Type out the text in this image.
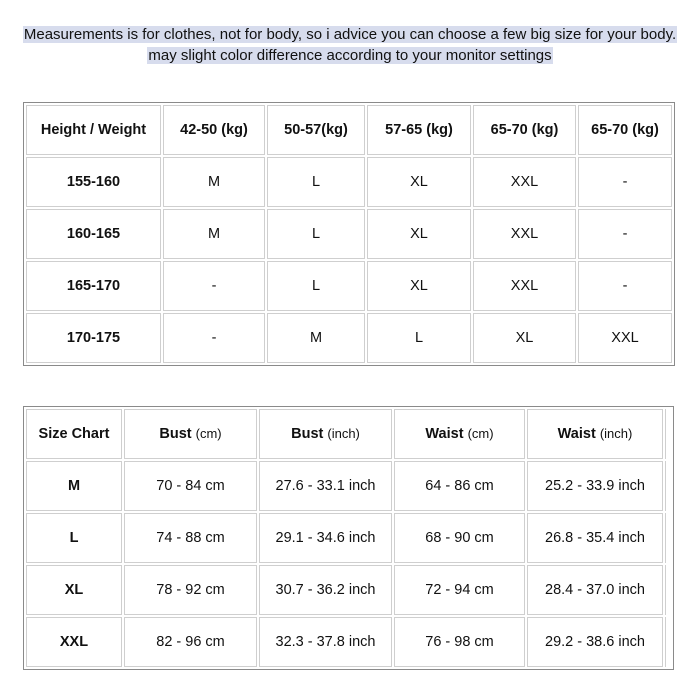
Measurements is for clothes, not for body, so i advice you can choose a few big size for your body.
may slight color difference according to your monitor settings
Height / Weight	42-50 (kg)	50-57(kg)	57-65 (kg)	65-70 (kg)	65-70 (kg)
155-160	M	L	XL	XXL	-
160-165	M	L	XL	XXL	-
165-170	-	L	XL	XXL	-
170-175	-	M	L	XL	XXL
Size Chart	Bust (cm)	Bust (inch)	Waist (cm)	Waist (inch)	
M	70 - 84 cm	27.6 - 33.1 inch	64 - 86 cm	25.2 - 33.9 inch	
L	74 - 88 cm	29.1 - 34.6 inch	68 - 90 cm	26.8 - 35.4 inch	
XL	78 - 92 cm	30.7 - 36.2 inch	72 - 94 cm	28.4 - 37.0 inch	
XXL	82 - 96 cm	32.3 - 37.8 inch	76 - 98 cm	29.2 - 38.6 inch	
